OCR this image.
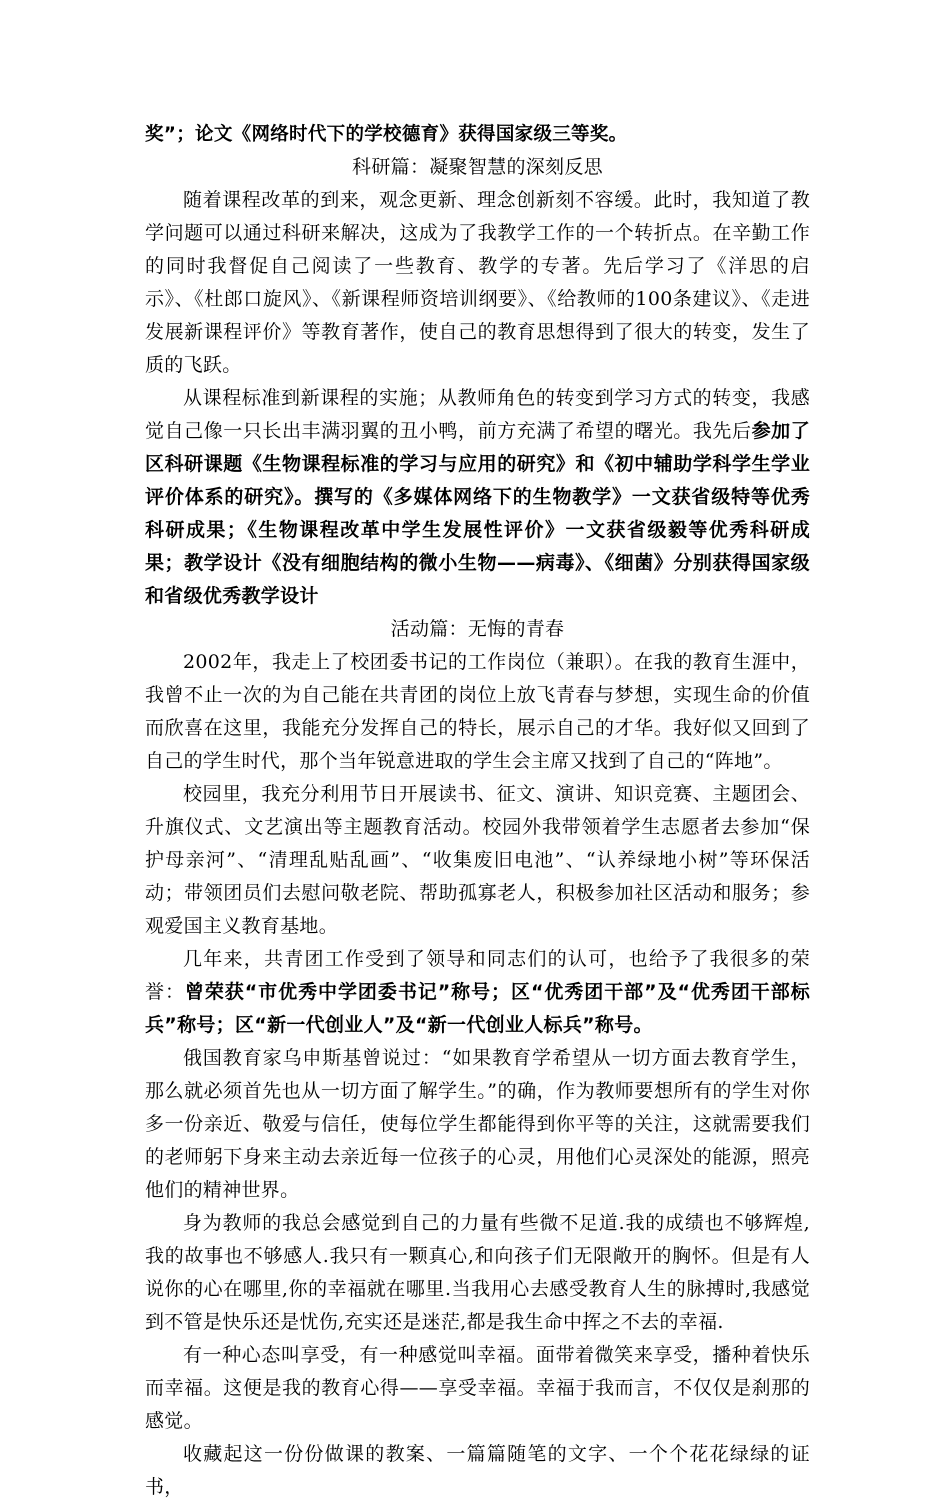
奖”；论文《网络时代下的学校德育》获得国家级三等奖。

科研篇：凝聚智慧的深刻反思

随着课程改革的到来，观念更新、理念创新刻不容缓。此时，我知道了教学问题可以通过科研来解决，这成为了我教学工作的一个转折点。在辛勤工作的同时我督促自己阅读了一些教育、教学的专著。先后学习了《洋思的启示》、《杜郎口旋风》、《新课程师资培训纲要》、《给教师的100条建议》、《走进发展新课程评价》等教育著作，使自己的教育思想得到了很大的转变，发生了质的飞跃。

从课程标准到新课程的实施；从教师角色的转变到学习方式的转变，我感觉自己像一只长出丰满羽翼的丑小鸭，前方充满了希望的曙光。我先后参加了区科研课题《生物课程标准的学习与应用的研究》和《初中辅助学科学生学业评价体系的研究》。撰写的《多媒体网络下的生物教学》一文获省级特等优秀科研成果；《生物课程改革中学生发展性评价》一文获省级毅等优秀科研成果；教学设计《没有细胞结构的微小生物——病毒》、《细菌》分别获得国家级和省级优秀教学设计

活动篇：无悔的青春

2002年，我走上了校团委书记的工作岗位（兼职）。在我的教育生涯中，我曾不止一次的为自己能在共青团的岗位上放飞青春与梦想，实现生命的价值而欣喜在这里，我能充分发挥自己的特长，展示自己的才华。我好似又回到了自己的学生时代，那个当年锐意进取的学生会主席又找到了自己的“阵地”。

校园里，我充分利用节日开展读书、征文、演讲、知识竞赛、主题团会、升旗仪式、文艺演出等主题教育活动。校园外我带领着学生志愿者去参加“保护母亲河”、“清理乱贴乱画”、“收集废旧电池”、“认养绿地小树”等环保活动；带领团员们去慰问敬老院、帮助孤寡老人，积极参加社区活动和服务；参观爱国主义教育基地。

几年来，共青团工作受到了领导和同志们的认可，也给予了我很多的荣誉：曾荣获“市优秀中学团委书记”称号；区“优秀团干部”及“优秀团干部标兵”称号；区“新一代创业人”及“新一代创业人标兵”称号。

俄国教育家乌申斯基曾说过：“如果教育学希望从一切方面去教育学生，那么就必须首先也从一切方面了解学生。”的确，作为教师要想所有的学生对你多一份亲近、敬爱与信任，使每位学生都能得到你平等的关注，这就需要我们的老师躬下身来主动去亲近每一位孩子的心灵，用他们心灵深处的能源，照亮他们的精神世界。

身为教师的我总会感觉到自己的力量有些微不足道.我的成绩也不够辉煌,我的故事也不够感人.我只有一颗真心,和向孩子们无限敞开的胸怀。但是有人说你的心在哪里,你的幸福就在哪里.当我用心去感受教育人生的脉搏时,我感觉到不管是快乐还是忧伤,充实还是迷茫,都是我生命中挥之不去的幸福.

有一种心态叫享受，有一种感觉叫幸福。面带着微笑来享受，播种着快乐而幸福。这便是我的教育心得——享受幸福。幸福于我而言，不仅仅是刹那的感觉。

收藏起这一份份做课的教案、一篇篇随笔的文字、一个个花花绿绿的证书，
